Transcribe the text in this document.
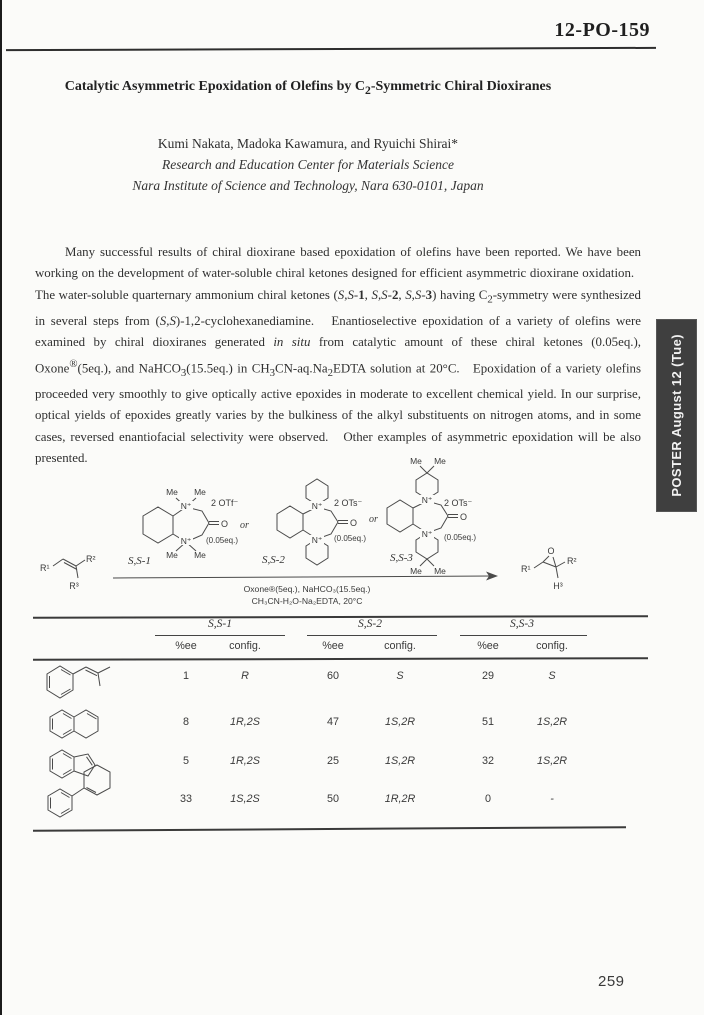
12-PO-159
Catalytic Asymmetric Epoxidation of Olefins by $C_2$-Symmetric Chiral Dioxiranes
Kumi Nakata, Madoka Kawamura, and Ryuichi Shirai*
Research and Education Center for Materials Science
Nara Institute of Science and Technology, Nara 630-0101, Japan
Many successful results of chiral dioxirane based epoxidation of olefins have been reported. We have been working on the development of water-soluble chiral ketones designed for efficient asymmetric dioxirane oxidation.   The water-soluble quarternary ammonium chiral ketones (S,S-1, S,S-2, S,S-3) having $C_2$-symmetry were synthesized in several steps from (S,S)-1,2-cyclohexanediamine.   Enantioselective epoxidation of a variety of olefins were examined by chiral dioxiranes generated in situ from catalytic amount of these chiral ketones (0.05eq.), Oxone®(5eq.), and NaHCO$_3$(15.5eq.) in $CH_3CN-aq.Na_2EDTA$ solution at 20°C.   Epoxidation of a variety olefins proceeded very smoothly to give optically active epoxides in moderate to excellent chemical yield. In our surprise, optical yields of epoxides greatly varies by the bulkiness of the alkyl substituents on nitrogen atoms, and in some cases, reversed enantiofacial selectivity were observed.   Other examples of asymmetric epoxidation will be also presented.
R¹
R²
R³
O
Me Me
Me Me
N⁺
N⁺
2 OTf⁻
(0.05eq.)
S,S-1
or	O
N⁺
N⁺
2 OTs⁻
(0.05eq.)
S,S-2
or
Me Me
O
Me Me
N⁺
N⁺
2 OTs⁻
(0.05eq.)
S,S-3
Oxone®(5eq.), NaHCO₃(15.5eq.)
CH₃CN-H₂O-Na₂EDTA, 20°C
R¹
O
R²
H³
POSTER August 12 (Tue)
S,S-1	S,S-2	S,S-3
%ee	config.	%ee	config.	%ee	config.
1	R	60	S	29	S
8	1R,2S	47	1S,2R	51	1S,2R
5	1R,2S	25	1S,2R	32	1S,2R
33	1S,2S	50	1R,2R	0	-
259
